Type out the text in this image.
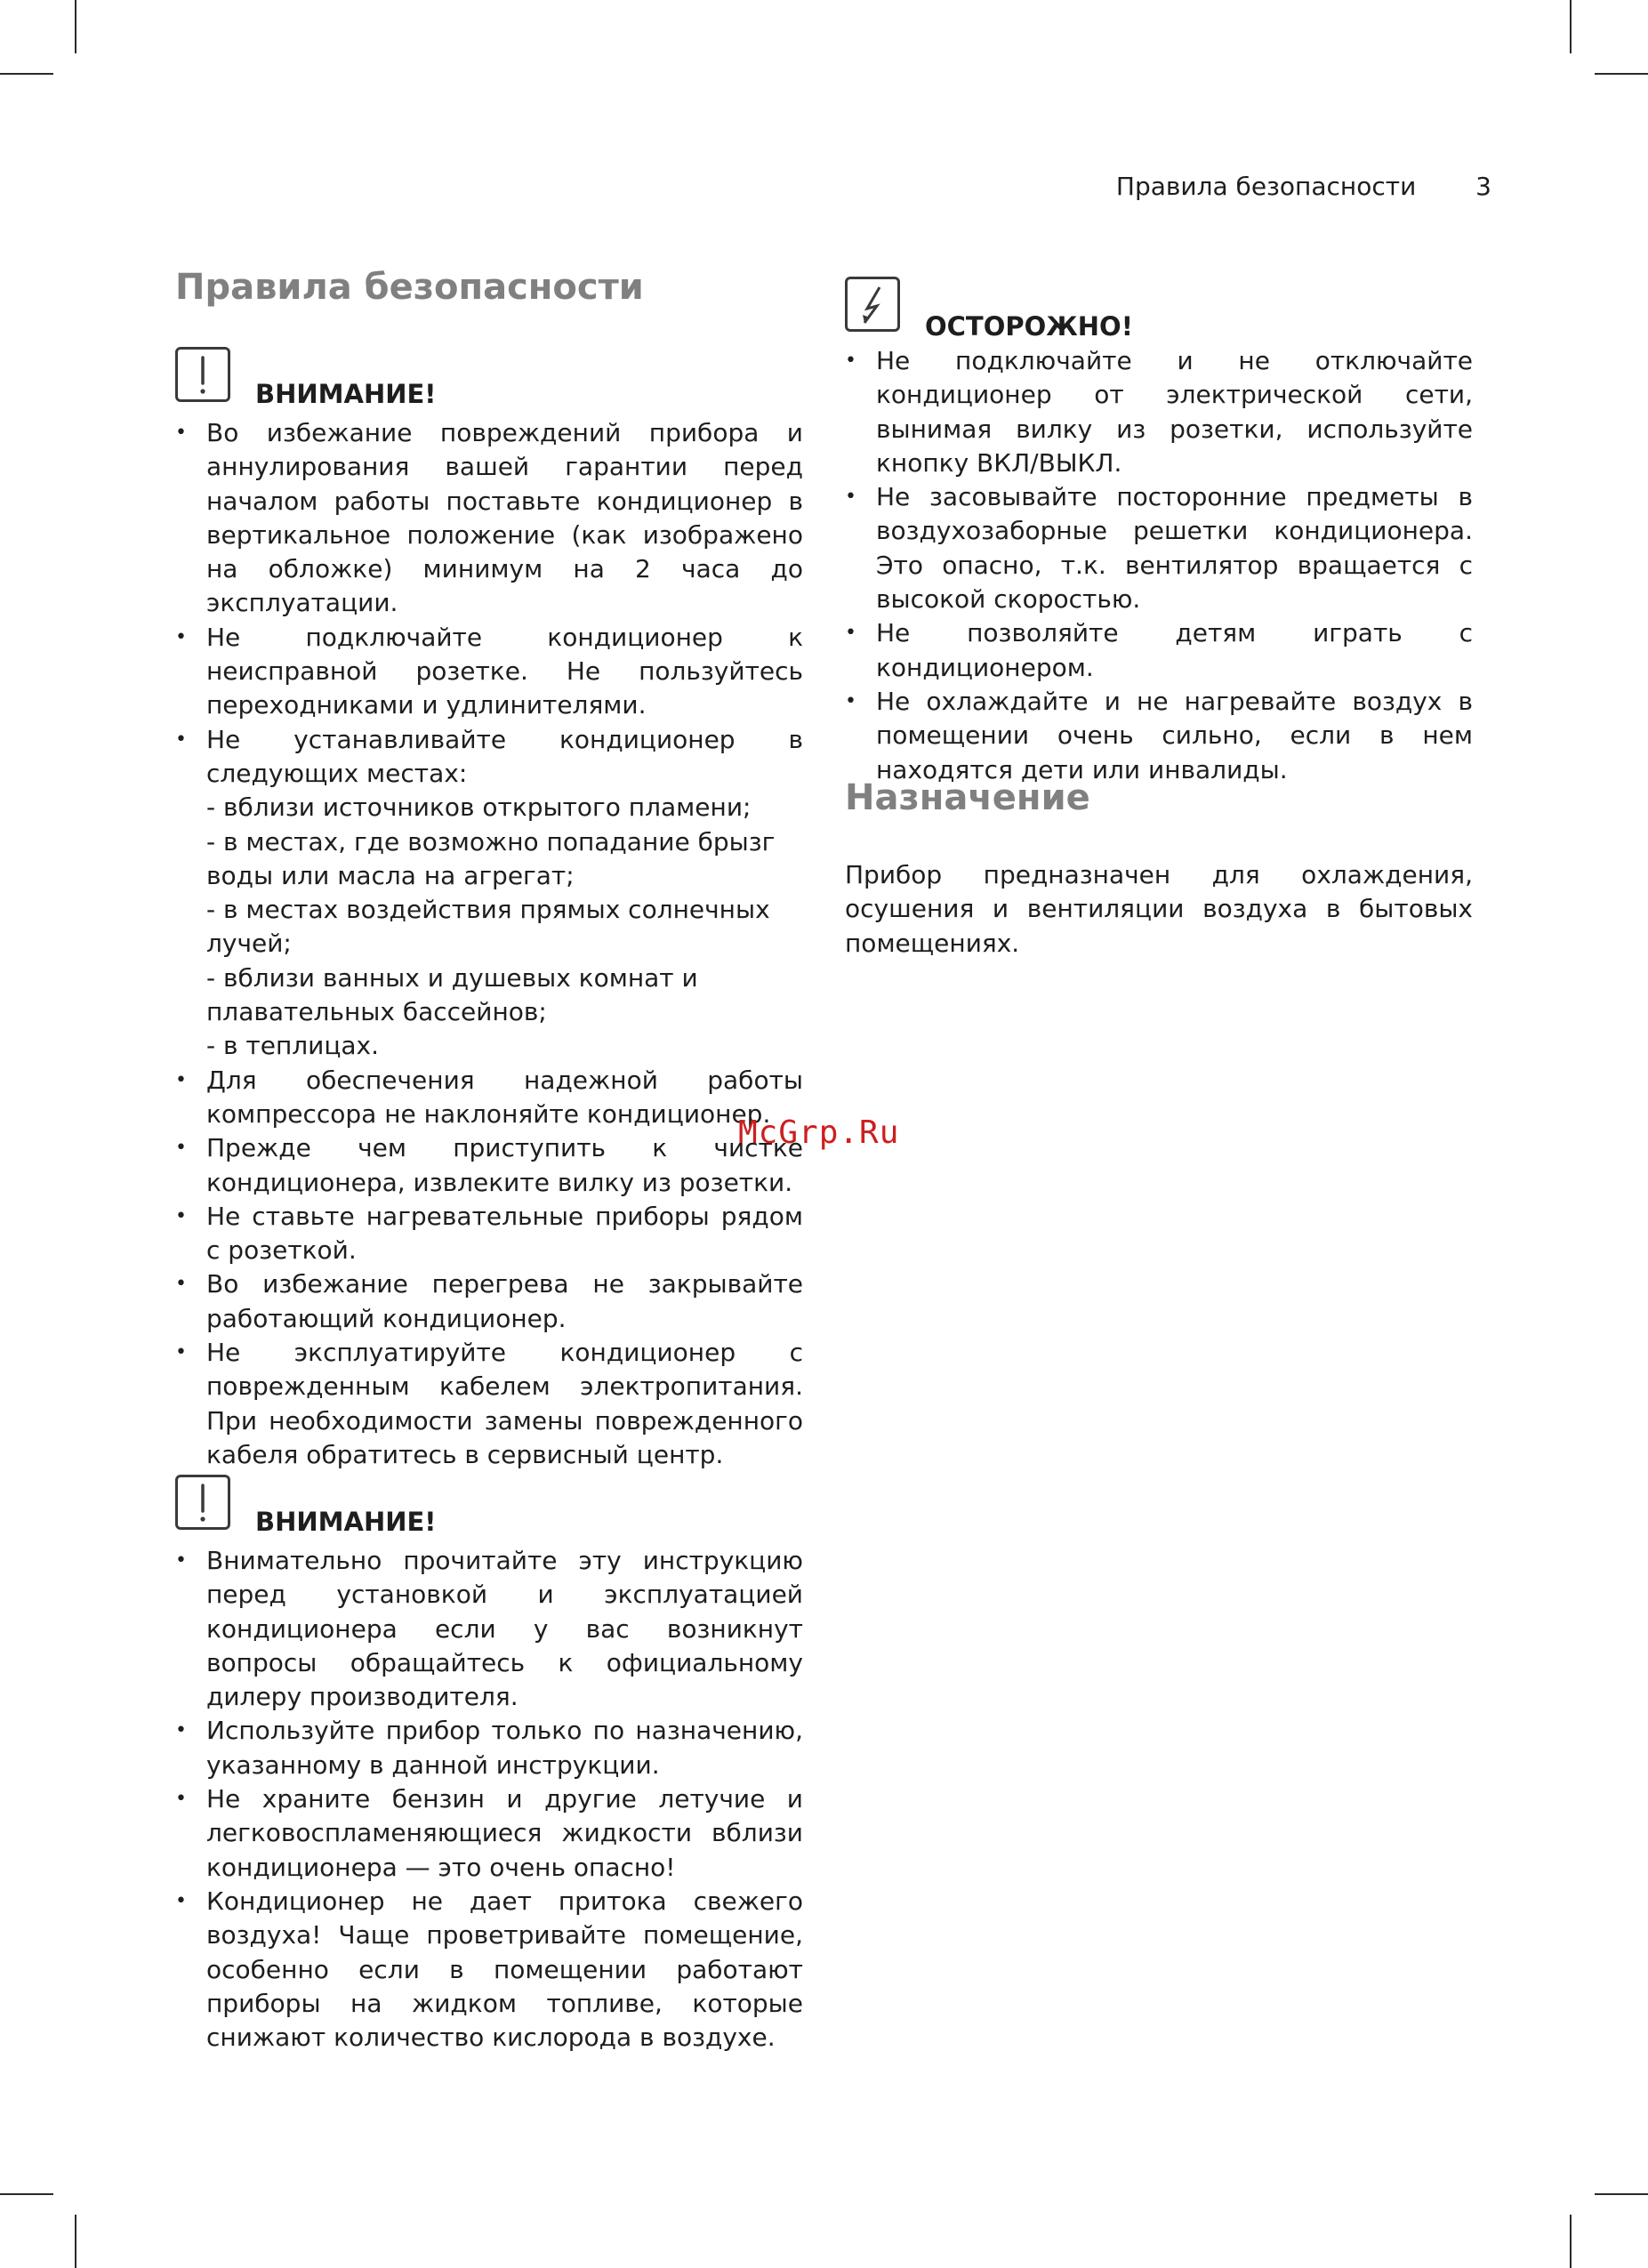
Правила безопасности 3
Правила безопасности
ВНИМАНИЕ!
• Во избежание повреждений прибора и аннулирования вашей гарантии перед началом работы поставьте кондиционер в вертикальное положение (как изображено на обложке) минимум на 2 часа до эксплуатации.
• Не подключайте кондиционер к неисправной розетке. Не пользуйтесь переходниками и удлинителями.
• Не устанавливайте кондиционер в следующих местах:
- вблизи источников открытого пламени;
- в местах, где возможно попадание брызг воды или масла на агрегат;
- в местах воздействия прямых солнечных лучей;
- вблизи ванных и душевых комнат и плавательных бассейнов;
- в теплицах.
• Для обеспечения надежной работы компрессора не наклоняйте кондиционер.
• Прежде чем приступить к чистке кондиционера, извлеките вилку из розетки.
• Не ставьте нагревательные приборы рядом с розеткой.
• Во избежание перегрева не закрывайте работающий кондиционер.
• Не эксплуатируйте кондиционер с поврежденным кабелем электропитания. При необходимости замены поврежденного кабеля обратитесь в сервисный центр.
ВНИМАНИЕ!
• Внимательно прочитайте эту инструкцию перед установкой и эксплуатацией кондиционера если у вас возникнут вопросы обращайтесь к официальному дилеру производителя.
• Используйте прибор только по назначению, указанному в данной инструкции.
• Не храните бензин и другие летучие и легковоспламеняющиеся жидкости вблизи кондиционера — это очень опасно!
• Кондиционер не дает притока свежего воздуха! Чаще проветривайте помещение, особенно если в помещении работают приборы на жидком топливе, которые снижают количество кислорода в воздухе.
ОСТОРОЖНО!
• Не подключайте и не отключайте кондиционер от электрической сети, вынимая вилку из розетки, используйте кнопку ВКЛ/ВЫКЛ.
• Не засовывайте посторонние предметы в воздухозаборные решетки кондиционера. Это опасно, т.к. вентилятор вращается с высокой скоростью.
• Не позволяйте детям играть с кондиционером.
• Не охлаждайте и не нагревайте воздух в помещении очень сильно, если в нем находятся дети или инвалиды.
Назначение

Прибор предназначен для охлаждения, осушения и вентиляции воздуха в бытовых помещениях.

McGrp.Ru
